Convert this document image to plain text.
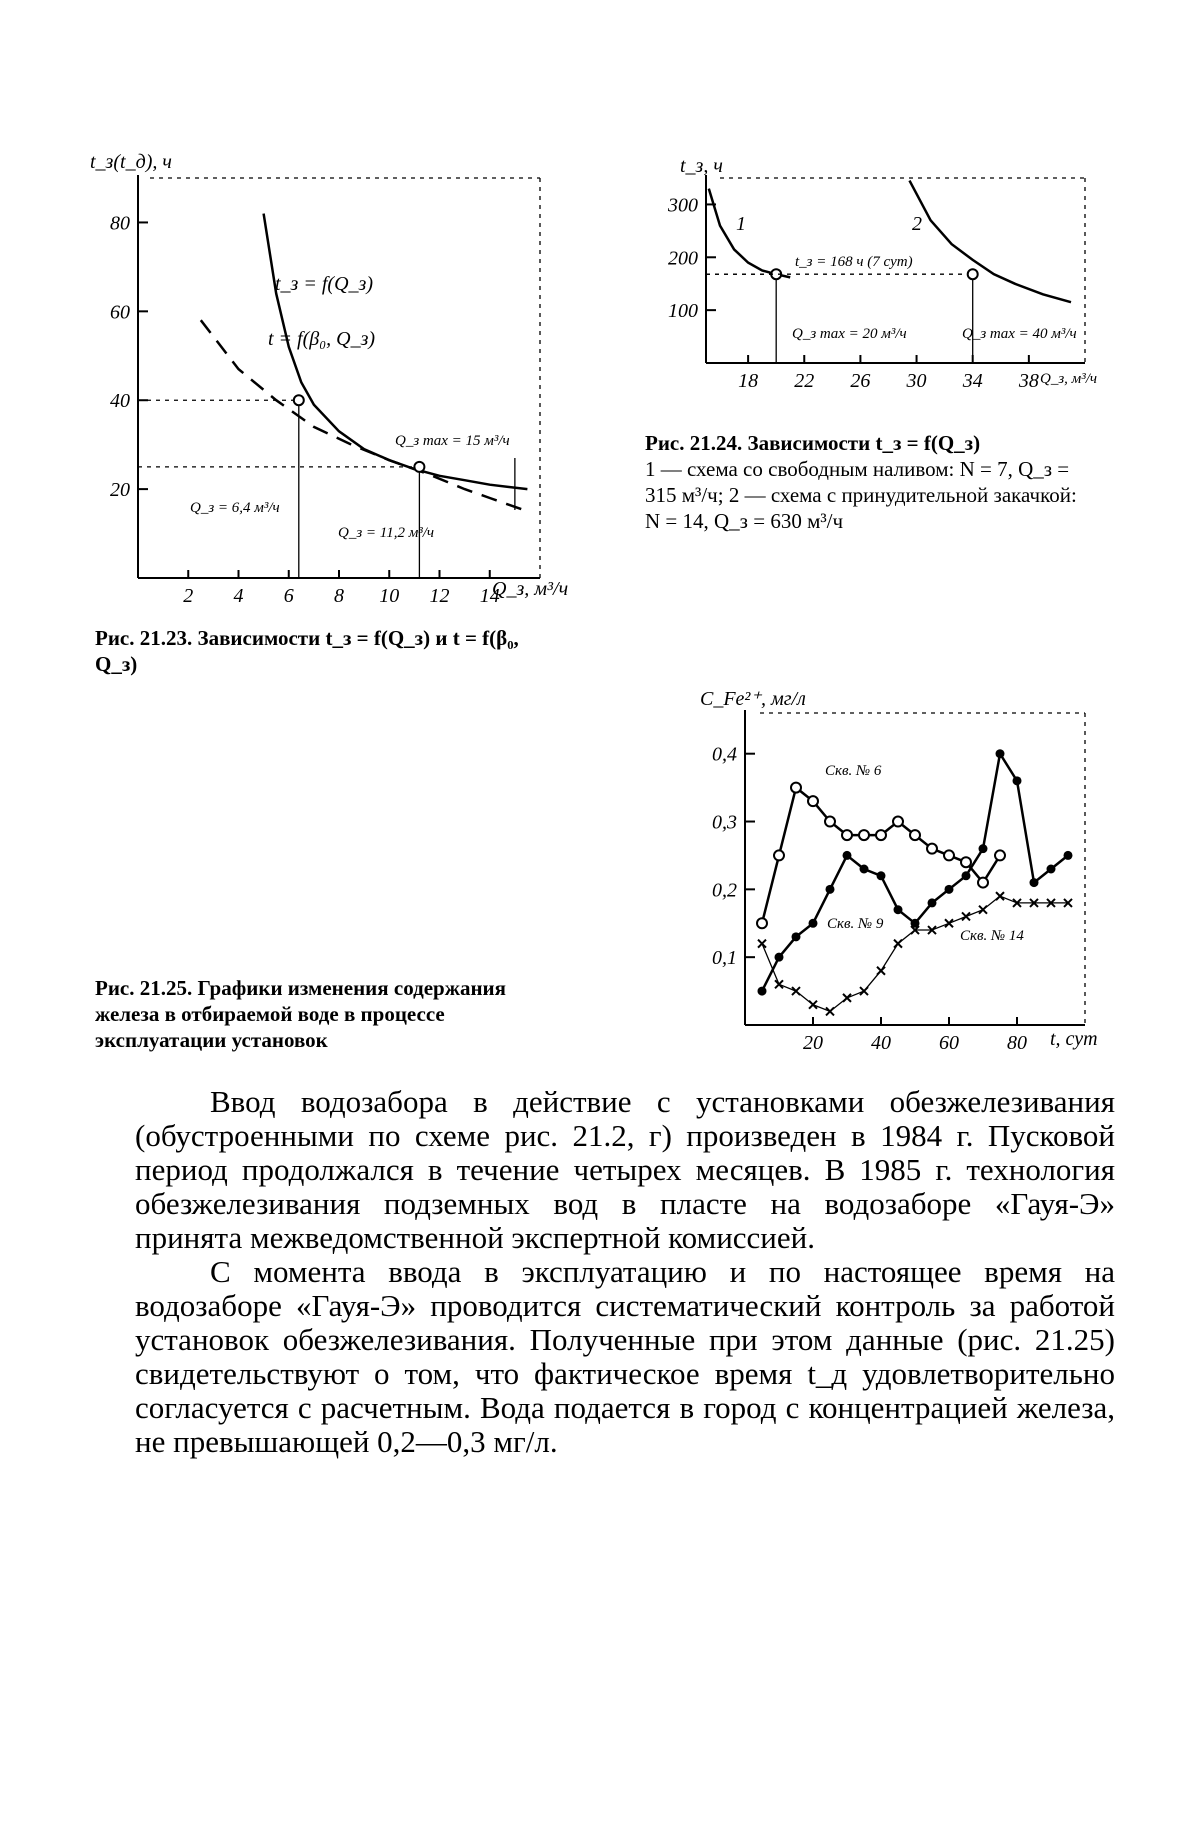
t_з(t_д), ч
2 4 6 8 10 12 14
80
60
40
20
t_з = f(Q_з)
t = f(β₀, Q_з)
Q_з max = 15 м³/ч
Q_з = 6,4 м³/ч
Q_з = 11,2 м³/ч
Q_з, м³/ч
t_з, ч
18 22 26 30 34 38
300
200
100
1	2
t_з = 168 ч (7 сут)
Q_з max = 20 м³/ч	Q_з max = 40 м³/ч
Q_з, м³/ч
C_Fe²⁺, мг/л
20 40 60 80
0,4
0,3
0,2
0,1
Скв. № 6
Скв. № 9
Скв. № 14
t, сут
Рис. 21.23. Зависимости t_з = f(Q_з) и t = f(β₀, Q_з)
Рис. 21.24. Зависимости t_з = f(Q_з)
1 — схема со свободным наливом: N = 7, Q_з = 315 м³/ч; 2 — схема с принудительной закачкой: N = 14, Q_з = 630 м³/ч
Рис. 21.25. Графики изменения содержания железа в отбираемой воде в процессе эксплуатации установок

Ввод водозабора в действие с установками обезжелезивания (обустроенными по схеме рис. 21.2, г) произведен в 1984 г. Пусковой период продолжался в течение четырех месяцев. В 1985 г. технология обезжелезивания подземных вод в пласте на водозаборе «Гауя-Э» принята межведомственной экспертной комиссией.

С момента ввода в эксплуатацию и по настоящее время на водозаборе «Гауя-Э» проводится систематический контроль за работой установок обезжелезивания. Полученные при этом данные (рис. 21.25) свидетельствуют о том, что фактическое время t_д удовлетворительно согласуется с расчетным. Вода подается в город с концентрацией железа, не превышающей 0,2—0,3 мг/л.
